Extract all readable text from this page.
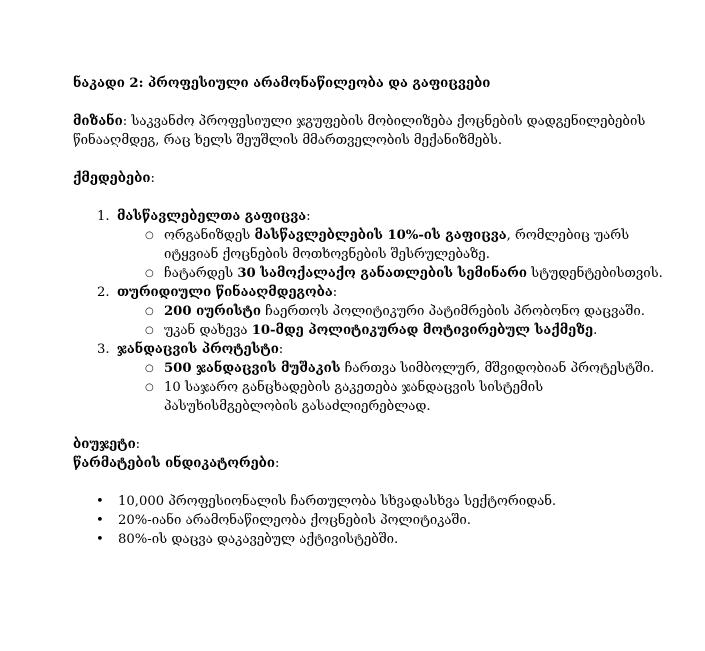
ნაკადი 2: პროფესიული არამონაწილეობა და გაფიცვები

მიზანი: საკვანძო პროფესიული ჯგუფების მობილიზება ქოცნების დადგენილებების წინააღმდეგ, რაც ხელს შეუშლის მმართველობის მექანიზმებს.

ქმედებები:

1. მასწავლებელთა გაფიცვა:
○ ორგანიზდეს მასწავლებლების 10%-ის გაფიცვა, რომლებიც უარს იტყვიან ქოცნების მოთხოვნების შესრულებაზე.
○ ჩატარდეს 30 სამოქალაქო განათლების სემინარი სტუდენტებისთვის.
2. თურიდიული წინააღმდეგობა:
○ 200 იურისტი ჩაერთოს პოლიტიკური პატიმრების პრობონო დაცვაში.
○ უკან დახევა 10-მდე პოლიტიკურად მოტივირებულ საქმეზე.
3. ჯანდაცვის პროტესტი:
○ 500 ჯანდაცვის მუშაკის ჩართვა სიმბოლურ, მშვიდობიან პროტესტში.
○ 10 საჯარო განცხადების გაკეთება ჯანდაცვის სისტემის პასუხისმგებლობის გასაძლიერებლად.

ბიუჯეტი:

წარმატების ინდიკატორები:

• 10,000 პროფესიონალის ჩართულობა სხვადასხვა სექტორიდან.
• 20%-იანი არამონაწილეობა ქოცნების პოლიტიკაში.
• 80%-ის დაცვა დაკავებულ აქტივისტებში.
